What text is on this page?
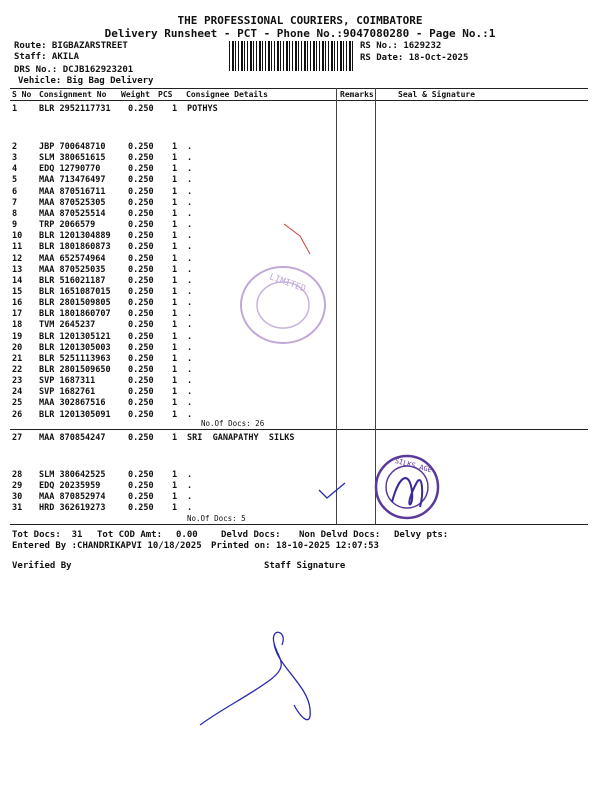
THE PROFESSIONAL COURIERS, COIMBATORE
Delivery Runsheet - PCT - Phone No.:9047080280 - Page No.:1
Route: BIGBAZARSTREET
Staff: AKILA
DRS No.: DCJB162923201
Vehicle: Big Bag Delivery
RS No.: 1629232
RS Date: 18-Oct-2025
S No Consignment No Weight PCS Consignee Details	Remarks	Seal & Signature
1	BLR 2952117731 0.250 1 POTHYS
2	JBP 700648710	0.250 1 .
3	SLM 380651615	0.250 1 .
4	EDQ 12790770	0.250 1 .
5	MAA 713476497	0.250 1 .
6	MAA 870516711	0.250 1 .
7	MAA 870525305	0.250 1 .
8	MAA 870525514	0.250 1 .
9	TRP 2066579	0.250 1 .
10 BLR 1201304889 0.250 1 .
11 BLR 1801860873 0.250 1 .
12 MAA 652574964	0.250 1 .
13 MAA 870525035	0.250 1 .
14 BLR 516021187	0.250 1 .
15 BLR 1651087015 0.250 1 .
16 BLR 2801509805 0.250 1 .
17 BLR 1801860707 0.250 1 .
18 TVM 2645237	0.250 1 .
19 BLR 1201305121 0.250 1 .
20 BLR 1201305003 0.250 1 .
21 BLR 5251113963 0.250 1 .
22 BLR 2801509650 0.250 1 .
23 SVP 1687311	0.250 1 .
24 SVP 1682761	0.250 1 .
25 MAA 302867516	0.250 1 .
26 BLR 1201305091 0.250 1 .
No.Of Docs: 26
27 MAA 870854247	0.250 1 SRI  GANAPATHY  SILKS
28 SLM 380642525	0.250 1 .
29 EDQ 20235959	0.250 1 .
30 MAA 870852974	0.250 1 .
31 HRD 362619273	0.250 1 .
No.Of Docs: 5
Tot Docs:  31 Tot COD Amt: 0.00	Delvd Docs: Non Delvd Docs: Delvy pts:
Entered By :CHANDRIKAPVI 10/18/2025 Printed on: 18-10-2025 12:07:53
Verified By	Staff Signature
LIMITED
SILKS AGE
